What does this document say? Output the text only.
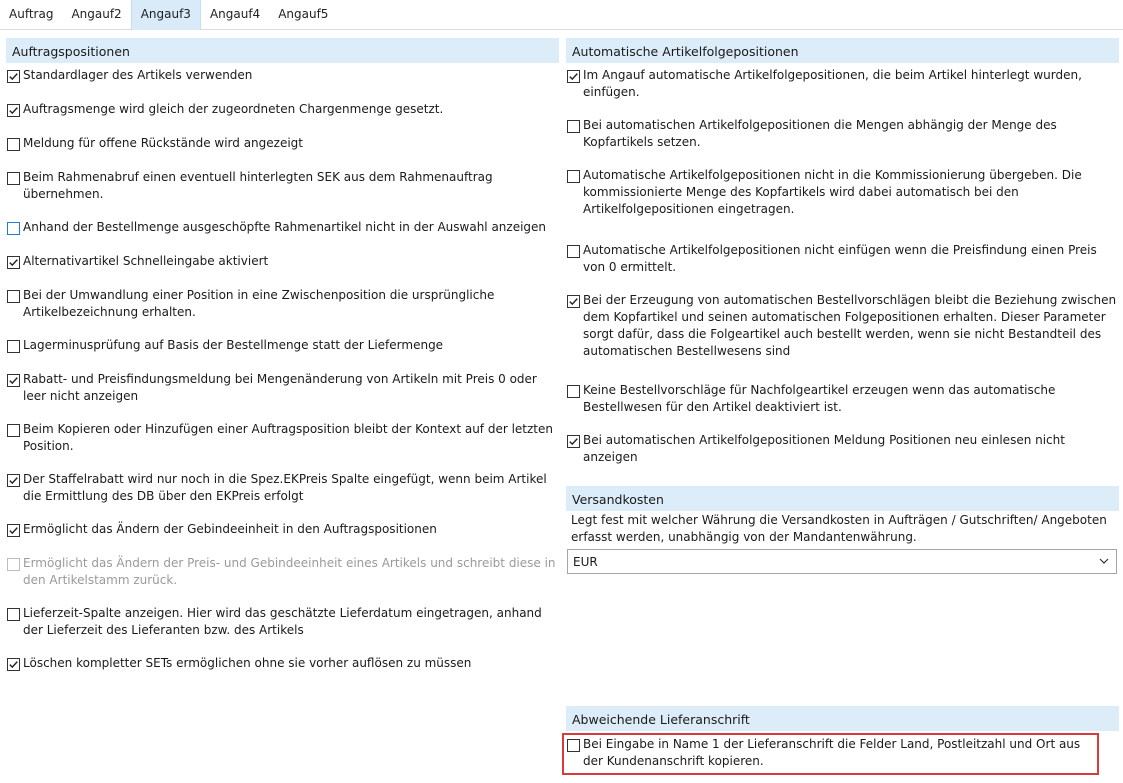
Auftrag	Angauf2	Angauf3	Angauf4	Angauf5
Auftragspositionen
Standardlager des Artikels verwenden
Auftragsmenge wird gleich der zugeordneten Chargenmenge gesetzt.
Meldung für offene Rückstände wird angezeigt
Beim Rahmenabruf einen eventuell hinterlegten SEK aus dem Rahmenauftrag übernehmen.
Anhand der Bestellmenge ausgeschöpfte Rahmenartikel nicht in der Auswahl anzeigen
Alternativartikel Schnelleingabe aktiviert
Bei der Umwandlung einer Position in eine Zwischenposition die ursprüngliche Artikelbezeichnung erhalten.
Lagerminusprüfung auf Basis der Bestellmenge statt der Liefermenge
Rabatt- und Preisfindungsmeldung bei Mengenänderung von Artikeln mit Preis 0 oder leer nicht anzeigen
Beim Kopieren oder Hinzufügen einer Auftragsposition bleibt der Kontext auf der letzten Position.
Der Staffelrabatt wird nur noch in die Spez.EKPreis Spalte eingefügt, wenn beim Artikel die Ermittlung des DB über den EKPreis erfolgt
Ermöglicht das Ändern der Gebindeeinheit in den Auftragspositionen
Ermöglicht das Ändern der Preis- und Gebindeeinheit eines Artikels und schreibt diese in den Artikelstamm zurück.
Lieferzeit-Spalte anzeigen. Hier wird das geschätzte Lieferdatum eingetragen, anhand der Lieferzeit des Lieferanten bzw. des Artikels
Löschen kompletter SETs ermöglichen ohne sie vorher auflösen zu müssen
Automatische Artikelfolgepositionen
Im Angauf automatische Artikelfolgepositionen, die beim Artikel hinterlegt wurden, einfügen.
Bei automatischen Artikelfolgepositionen die Mengen abhängig der Menge des Kopfartikels setzen.
Automatische Artikelfolgepositionen nicht in die Kommissionierung übergeben. Die kommissionierte Menge des Kopfartikels wird dabei automatisch bei den Artikelfolgepositionen eingetragen.
Automatische Artikelfolgepositionen nicht einfügen wenn die Preisfindung einen Preis von 0 ermittelt.
Bei der Erzeugung von automatischen Bestellvorschlägen bleibt die Beziehung zwischen dem Kopfartikel und seinen automatischen Folgepositionen erhalten. Dieser Parameter sorgt dafür, dass die Folgeartikel auch bestellt werden, wenn sie nicht Bestandteil des automatischen Bestellwesens sind
Keine Bestellvorschläge für Nachfolgeartikel erzeugen wenn das automatische Bestellwesen für den Artikel deaktiviert ist.
Bei automatischen Artikelfolgepositionen Meldung Positionen neu einlesen nicht anzeigen
Versandkosten
Legt fest mit welcher Währung die Versandkosten in Aufträgen / Gutschriften/ Angeboten erfasst werden, unabhängig von der Mandantenwährung.
EUR
Abweichende Lieferanschrift
Bei Eingabe in Name 1 der Lieferanschrift die Felder Land, Postleitzahl und Ort aus der Kundenanschrift kopieren.
